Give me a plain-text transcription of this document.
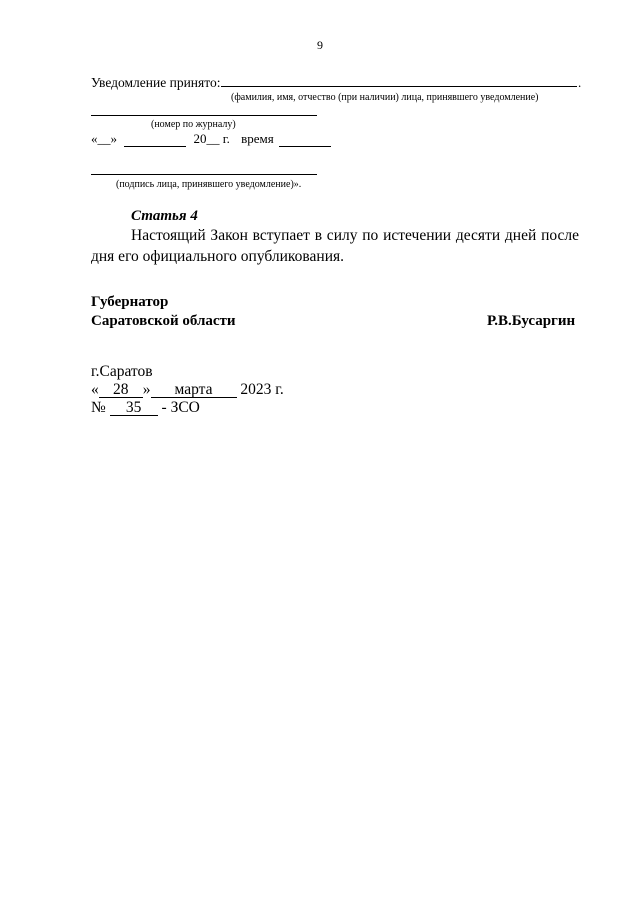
9
Уведомление принято:	.
(фамилия, имя, отчество (при наличии) лица, принявшего уведомление)
(номер по журналу)
«__»	20__ г. время
(подпись лица, принявшего уведомление)».
Статья 4
Настоящий Закон вступает в силу по истечении десяти дней после дня его официального опубликования.
Губернатор
Саратовской области	Р.В.Бусаргин
г.Саратов
« 28 » марта 2023 г.
№ 35 - ЗСО
